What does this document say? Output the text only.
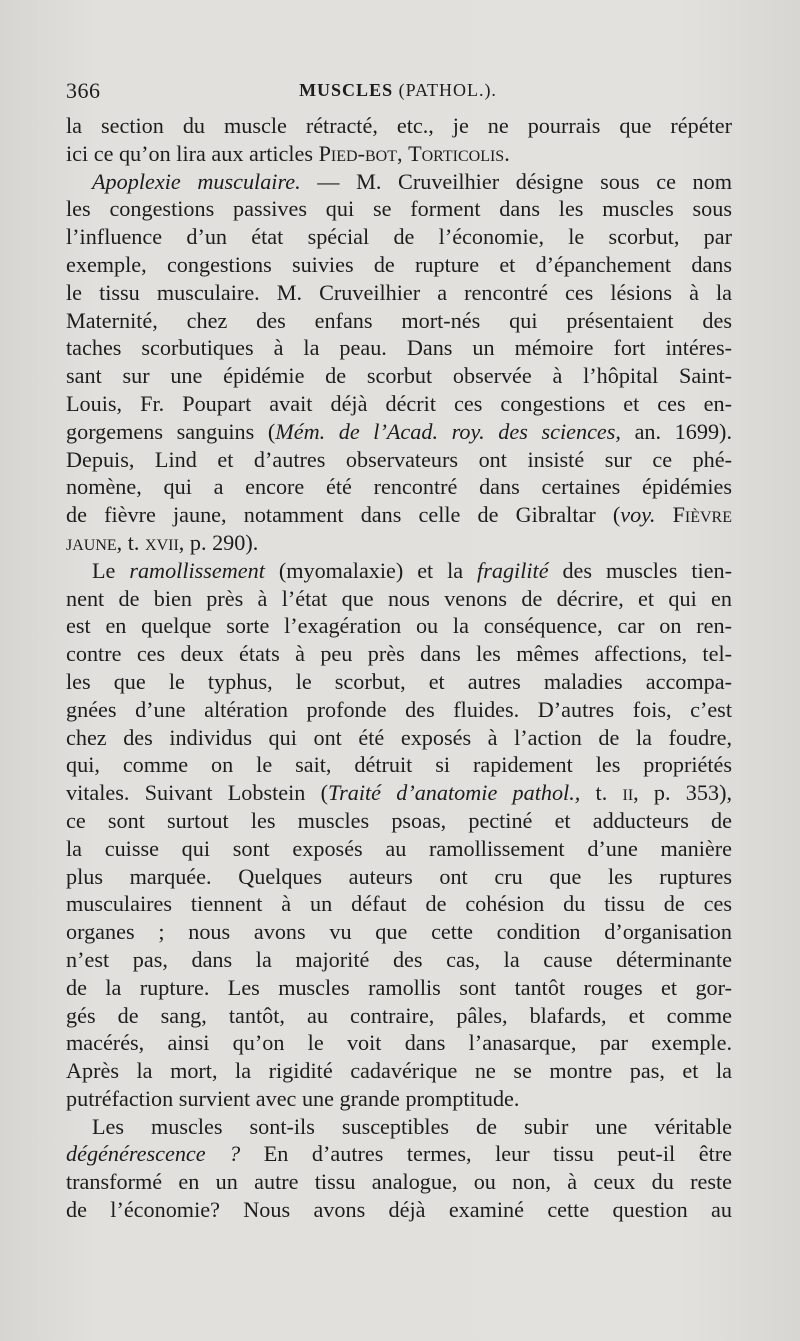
366	MUSCLES (PATHOL.).
la section du muscle rétracté, etc., je ne pourrais que répéter
ici ce qu’on lira aux articles Pied-bot, Torticolis.
Apoplexie musculaire. — M. Cruveilhier désigne sous ce nom
les congestions passives qui se forment dans les muscles sous
l’influence d’un état spécial de l’économie, le scorbut, par
exemple, congestions suivies de rupture et d’épanchement dans
le tissu musculaire. M. Cruveilhier a rencontré ces lésions à la
Maternité, chez des enfans mort-nés qui présentaient des
taches scorbutiques à la peau. Dans un mémoire fort intéres-
sant sur une épidémie de scorbut observée à l’hôpital Saint-
Louis, Fr. Poupart avait déjà décrit ces congestions et ces en-
gorgemens sanguins (Mém. de l’Acad. roy. des sciences, an. 1699).
Depuis, Lind et d’autres observateurs ont insisté sur ce phé-
nomène, qui a encore été rencontré dans certaines épidémies
de fièvre jaune, notamment dans celle de Gibraltar (voy. Fièvre
jaune, t. xvii, p. 290).
Le ramollissement (myomalaxie) et la fragilité des muscles tien-
nent de bien près à l’état que nous venons de décrire, et qui en
est en quelque sorte l’exagération ou la conséquence, car on ren-
contre ces deux états à peu près dans les mêmes affections, tel-
les que le typhus, le scorbut, et autres maladies accompa-
gnées d’une altération profonde des fluides. D’autres fois, c’est
chez des individus qui ont été exposés à l’action de la foudre,
qui, comme on le sait, détruit si rapidement les propriétés
vitales. Suivant Lobstein (Traité d’anatomie pathol., t. ii, p. 353),
ce sont surtout les muscles psoas, pectiné et adducteurs de
la cuisse qui sont exposés au ramollissement d’une manière
plus marquée. Quelques auteurs ont cru que les ruptures
musculaires tiennent à un défaut de cohésion du tissu de ces
organes ; nous avons vu que cette condition d’organisation
n’est pas, dans la majorité des cas, la cause déterminante
de la rupture. Les muscles ramollis sont tantôt rouges et gor-
gés de sang, tantôt, au contraire, pâles, blafards, et comme
macérés, ainsi qu’on le voit dans l’anasarque, par exemple.
Après la mort, la rigidité cadavérique ne se montre pas, et la
putréfaction survient avec une grande promptitude.
Les muscles sont-ils susceptibles de subir une véritable
dégénérescence ? En d’autres termes, leur tissu peut-il être
transformé en un autre tissu analogue, ou non, à ceux du reste
de l’économie? Nous avons déjà examiné cette question au
